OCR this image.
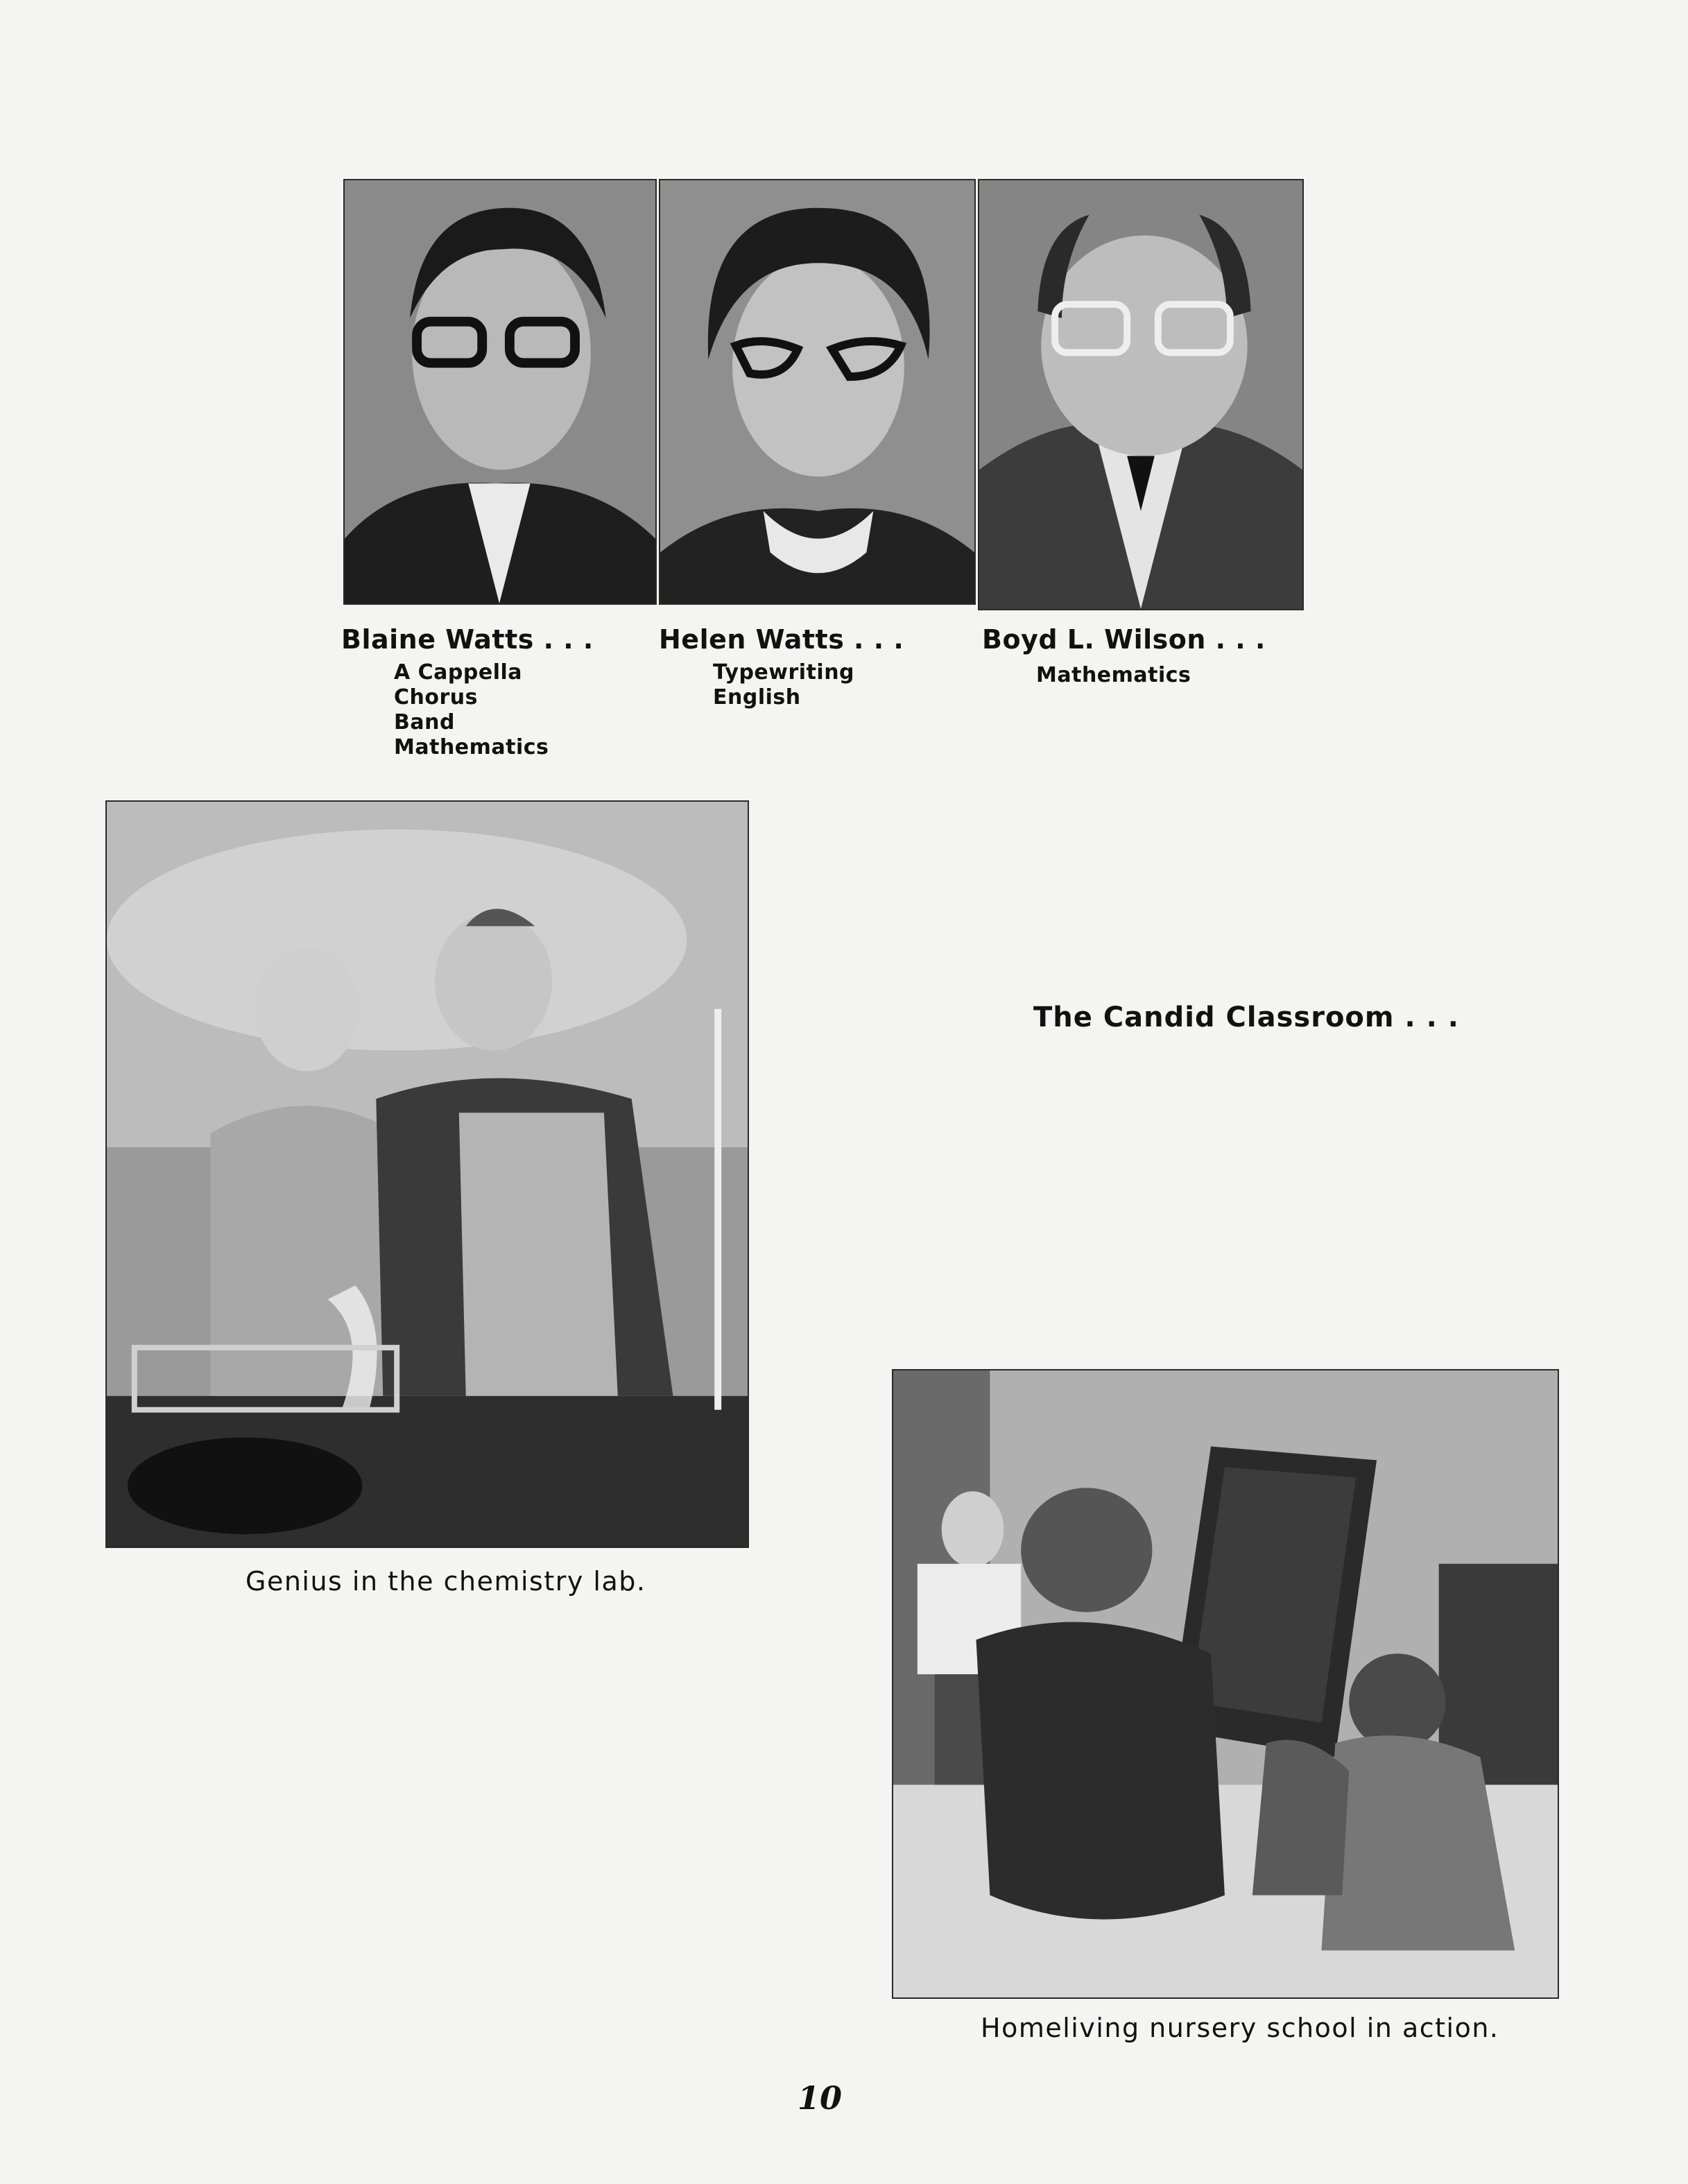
Blaine Watts . . .
A Cappella
Chorus
Band
Mathematics
Helen Watts . . .
Typewriting
English
Boyd L. Wilson . . .
Mathematics
Genius in the chemistry lab.
The Candid Classroom . . .
Homeliving nursery school in action.
10
